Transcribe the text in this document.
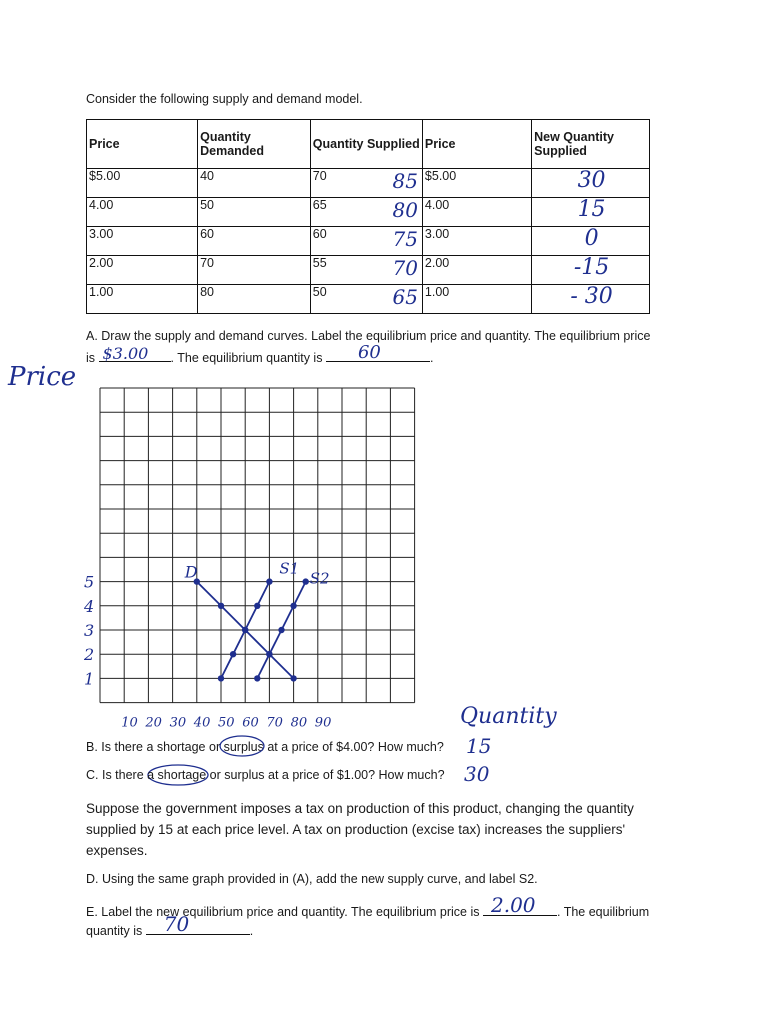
Consider the following supply and demand model.
Price	Quantity Demanded	Quantity Supplied	Price	New Quantity Supplied
$5.00	40	70 85	$5.00	30

4.00	50	65 80	4.00	15

3.00	60	60 75	3.00	0

2.00	70	55 70	2.00	-15

1.00	80	50 65	1.00	- 30
A. Draw the supply and demand curves. Label the equilibrium price and quantity. The equilibrium price
is $3.00 . The equilibrium quantity is 60	.
Price
Quantity
D	S1
S2
5
4
3
2
1
10 20 30 40 50 60 70 80 90
B. Is there a shortage or surplus at a price of $4.00? How much? 15
C. Is there a shortage or surplus at a price of $1.00? How much? 30
Suppose the government imposes a tax on production of this product, changing the quantity supplied by 15 at each price level. A tax on production (excise tax) increases the suppliers' expenses.
D. Using the same graph provided in (A), add the new supply curve, and label S2.
E. Label the new equilibrium price and quantity. The equilibrium price is 2.00 . The equilibrium
quantity is 70	.
